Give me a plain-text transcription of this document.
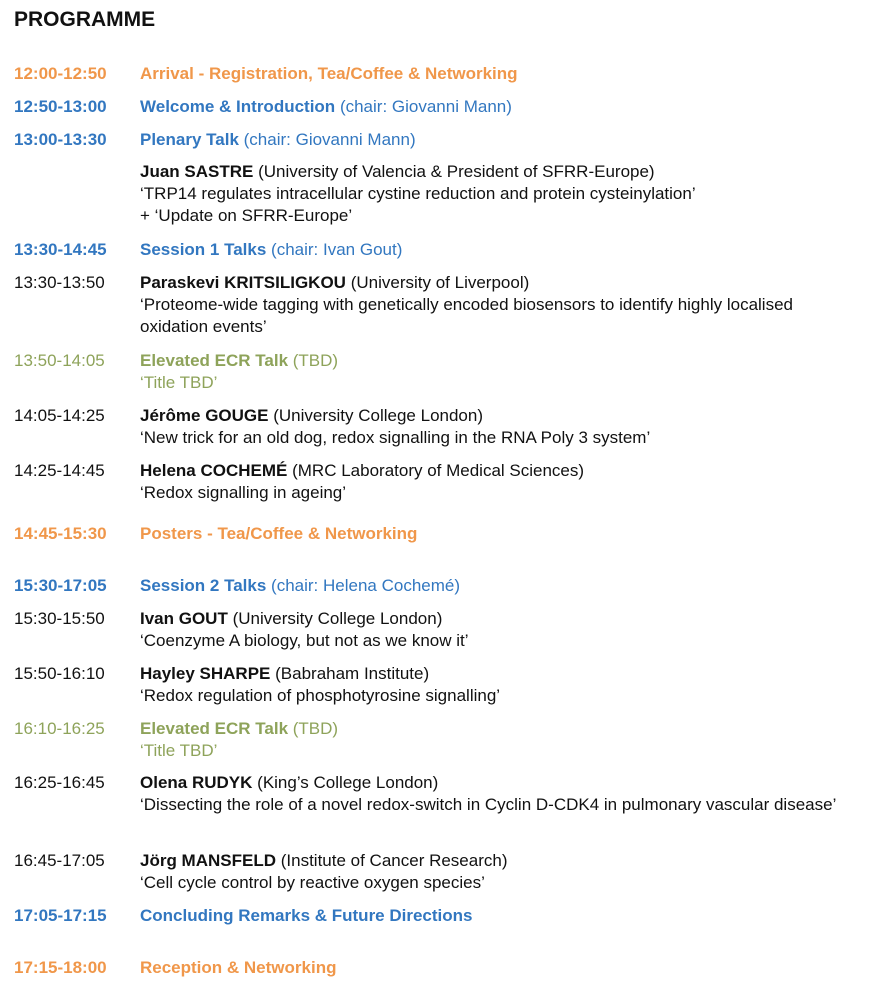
PROGRAMME
12:00-12:50 Arrival - Registration, Tea/Coffee & Networking
12:50-13:00 Welcome & Introduction (chair: Giovanni Mann)
13:00-13:30 Plenary Talk (chair: Giovanni Mann)
Juan SASTRE (University of Valencia & President of SFRR-Europe)
‘TRP14 regulates intracellular cystine reduction and protein cysteinylation’
+ ‘Update on SFRR-Europe’
13:30-14:45 Session 1 Talks (chair: Ivan Gout)
13:30-13:50 Paraskevi KRITSILIGKOU (University of Liverpool)
‘Proteome-wide tagging with genetically encoded biosensors to identify highly localised oxidation events’
13:50-14:05 Elevated ECR Talk (TBD)
‘Title TBD’
14:05-14:25 Jérôme GOUGE (University College London)
‘New trick for an old dog, redox signalling in the RNA Poly 3 system’
14:25-14:45 Helena COCHEMÉ (MRC Laboratory of Medical Sciences)
‘Redox signalling in ageing’
14:45-15:30 Posters - Tea/Coffee & Networking
15:30-17:05 Session 2 Talks (chair: Helena Cochemé)
15:30-15:50 Ivan GOUT (University College London)
‘Coenzyme A biology, but not as we know it’
15:50-16:10 Hayley SHARPE (Babraham Institute)
‘Redox regulation of phosphotyrosine signalling’
16:10-16:25 Elevated ECR Talk (TBD)
‘Title TBD’
16:25-16:45 Olena RUDYK (King’s College London)
‘Dissecting the role of a novel redox-switch in Cyclin D-CDK4 in pulmonary vascular disease’
16:45-17:05 Jörg MANSFELD (Institute of Cancer Research)
‘Cell cycle control by reactive oxygen species’
17:05-17:15 Concluding Remarks & Future Directions
17:15-18:00 Reception & Networking
